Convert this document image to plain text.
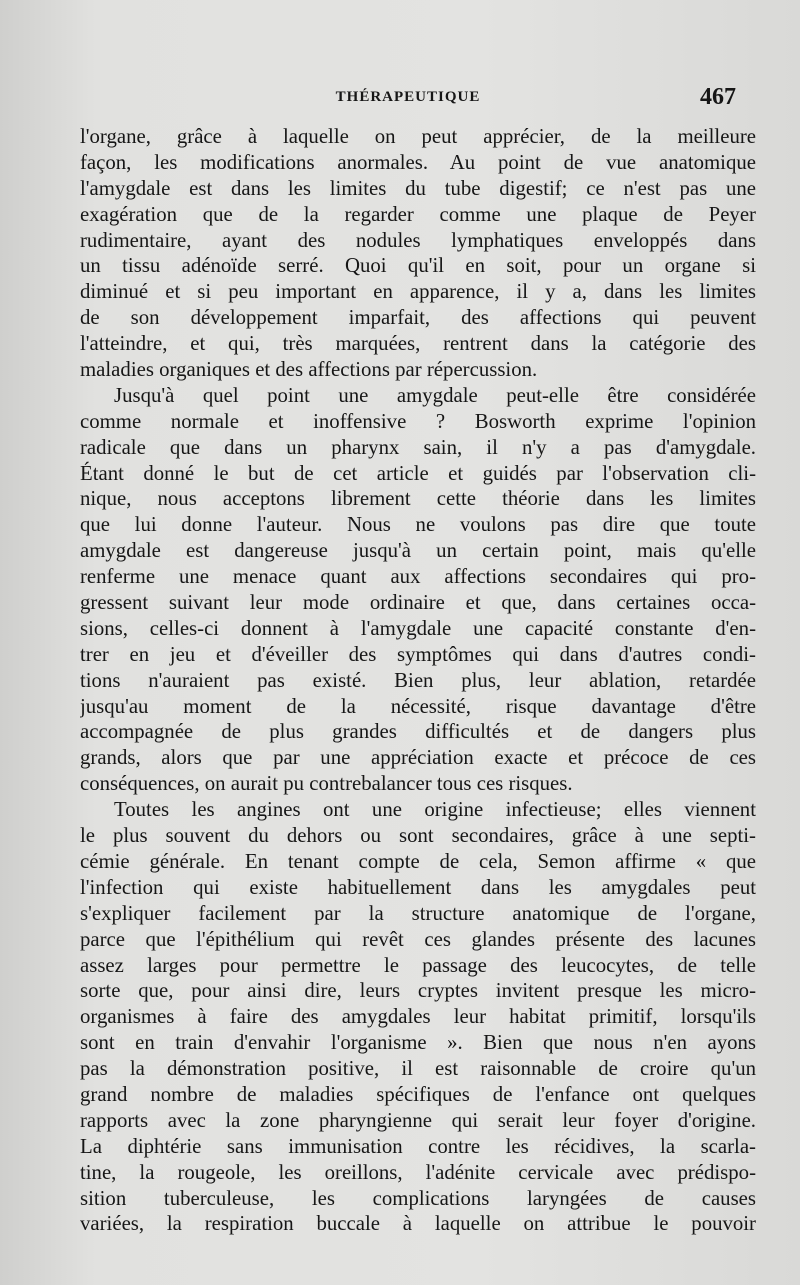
THÉRAPEUTIQUE	467
l'organe, grâce à laquelle on peut apprécier, de la meilleure
façon, les modifications anormales. Au point de vue anatomique
l'amygdale est dans les limites du tube digestif; ce n'est pas une
exagération que de la regarder comme une plaque de Peyer
rudimentaire, ayant des nodules lymphatiques enveloppés dans
un tissu adénoïde serré. Quoi qu'il en soit, pour un organe si
diminué et si peu important en apparence, il y a, dans les limites
de son développement imparfait, des affections qui peuvent
l'atteindre, et qui, très marquées, rentrent dans la catégorie des
maladies organiques et des affections par répercussion.
Jusqu'à quel point une amygdale peut-elle être considérée
comme normale et inoffensive ? Bosworth exprime l'opinion
radicale que dans un pharynx sain, il n'y a pas d'amygdale.
Étant donné le but de cet article et guidés par l'observation cli-
nique, nous acceptons librement cette théorie dans les limites
que lui donne l'auteur. Nous ne voulons pas dire que toute
amygdale est dangereuse jusqu'à un certain point, mais qu'elle
renferme une menace quant aux affections secondaires qui pro-
gressent suivant leur mode ordinaire et que, dans certaines occa-
sions, celles-ci donnent à l'amygdale une capacité constante d'en-
trer en jeu et d'éveiller des symptômes qui dans d'autres condi-
tions n'auraient pas existé. Bien plus, leur ablation, retardée
jusqu'au moment de la nécessité, risque davantage d'être
accompagnée de plus grandes difficultés et de dangers plus
grands, alors que par une appréciation exacte et précoce de ces
conséquences, on aurait pu contrebalancer tous ces risques.
Toutes les angines ont une origine infectieuse; elles viennent
le plus souvent du dehors ou sont secondaires, grâce à une septi-
cémie générale. En tenant compte de cela, Semon affirme « que
l'infection qui existe habituellement dans les amygdales peut
s'expliquer facilement par la structure anatomique de l'organe,
parce que l'épithélium qui revêt ces glandes présente des lacunes
assez larges pour permettre le passage des leucocytes, de telle
sorte que, pour ainsi dire, leurs cryptes invitent presque les micro-
organismes à faire des amygdales leur habitat primitif, lorsqu'ils
sont en train d'envahir l'organisme ». Bien que nous n'en ayons
pas la démonstration positive, il est raisonnable de croire qu'un
grand nombre de maladies spécifiques de l'enfance ont quelques
rapports avec la zone pharyngienne qui serait leur foyer d'origine.
La diphtérie sans immunisation contre les récidives, la scarla-
tine, la rougeole, les oreillons, l'adénite cervicale avec prédispo-
sition tuberculeuse, les complications laryngées de causes
variées, la respiration buccale à laquelle on attribue le pouvoir
